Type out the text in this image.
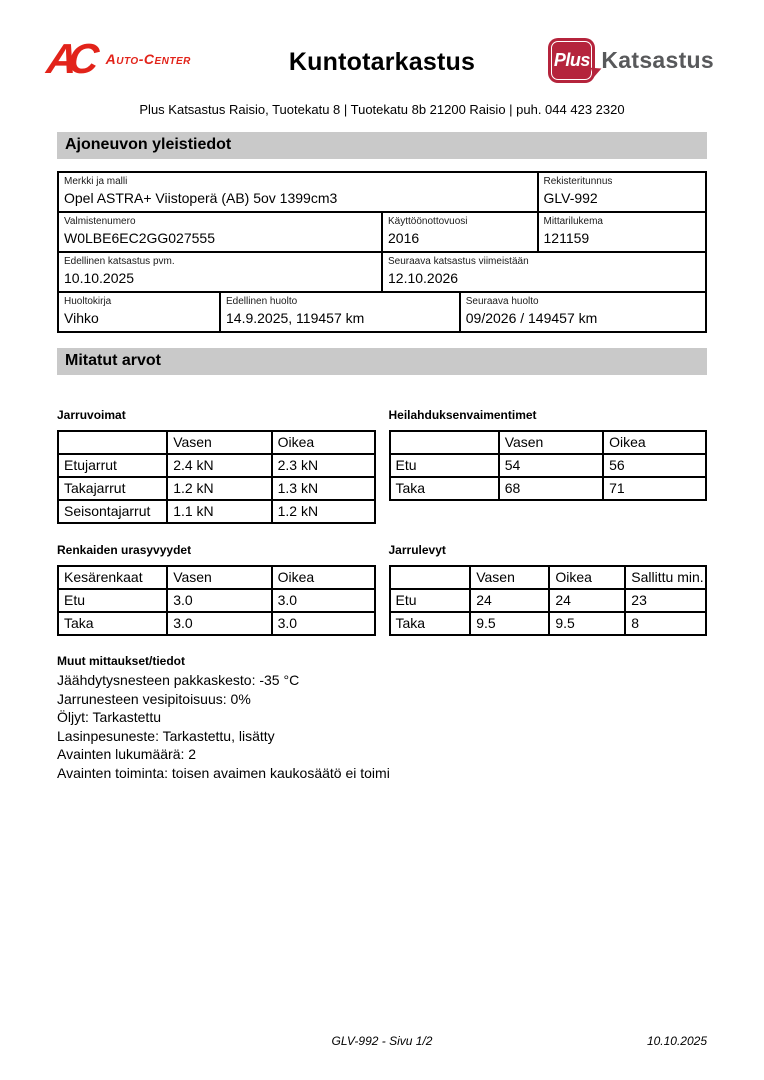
AC Auto-Center	Kuntotarkastus	Plus Katsastus
Plus Katsastus Raisio, Tuotekatu 8 | Tuotekatu 8b 21200 Raisio | puh. 044 423 2320
Ajoneuvon yleistiedot
Merkki ja malli
Opel ASTRA+ Viistoperä (AB) 5ov 1399cm3

Rekisteritunnus
GLV-992

Valmistenumero
W0LBE6EC2GG027555

Käyttöönottovuosi
2016

Mittarilukema
121159

Edellinen katsastus pvm.
10.10.2025

Seuraava katsastus viimeistään
12.10.2026

Huoltokirja
Vihko

Edellinen huolto
14.9.2025, 119457 km

Seuraava huolto
09/2026 / 149457 km
Mitatut arvot
Jarruvoimat
	Vasen	Oikea
Etujarrut	2.4 kN	2.3 kN
Takajarrut	1.2 kN	1.3 kN
Seisontajarrut	1.1 kN	1.2 kN
Heilahduksenvaimentimet
	Vasen	Oikea
Etu	54	56
Taka	68	71
Renkaiden urasyvyydet
Kesärenkaat	Vasen	Oikea
Etu	3.0	3.0
Taka	3.0	3.0
Jarrulevyt
	Vasen	Oikea	Sallittu min.
Etu	24	24	23
Taka	9.5	9.5	8
Muut mittaukset/tiedot
Jäähdytysnesteen pakkaskesto: -35 °C
Jarrunesteen vesipitoisuus: 0%
Öljyt: Tarkastettu
Lasinpesuneste: Tarkastettu, lisätty
Avainten lukumäärä: 2
Avainten toiminta: toisen avaimen kaukosäätö ei toimi
GLV-992 - Sivu 1/2	10.10.2025
